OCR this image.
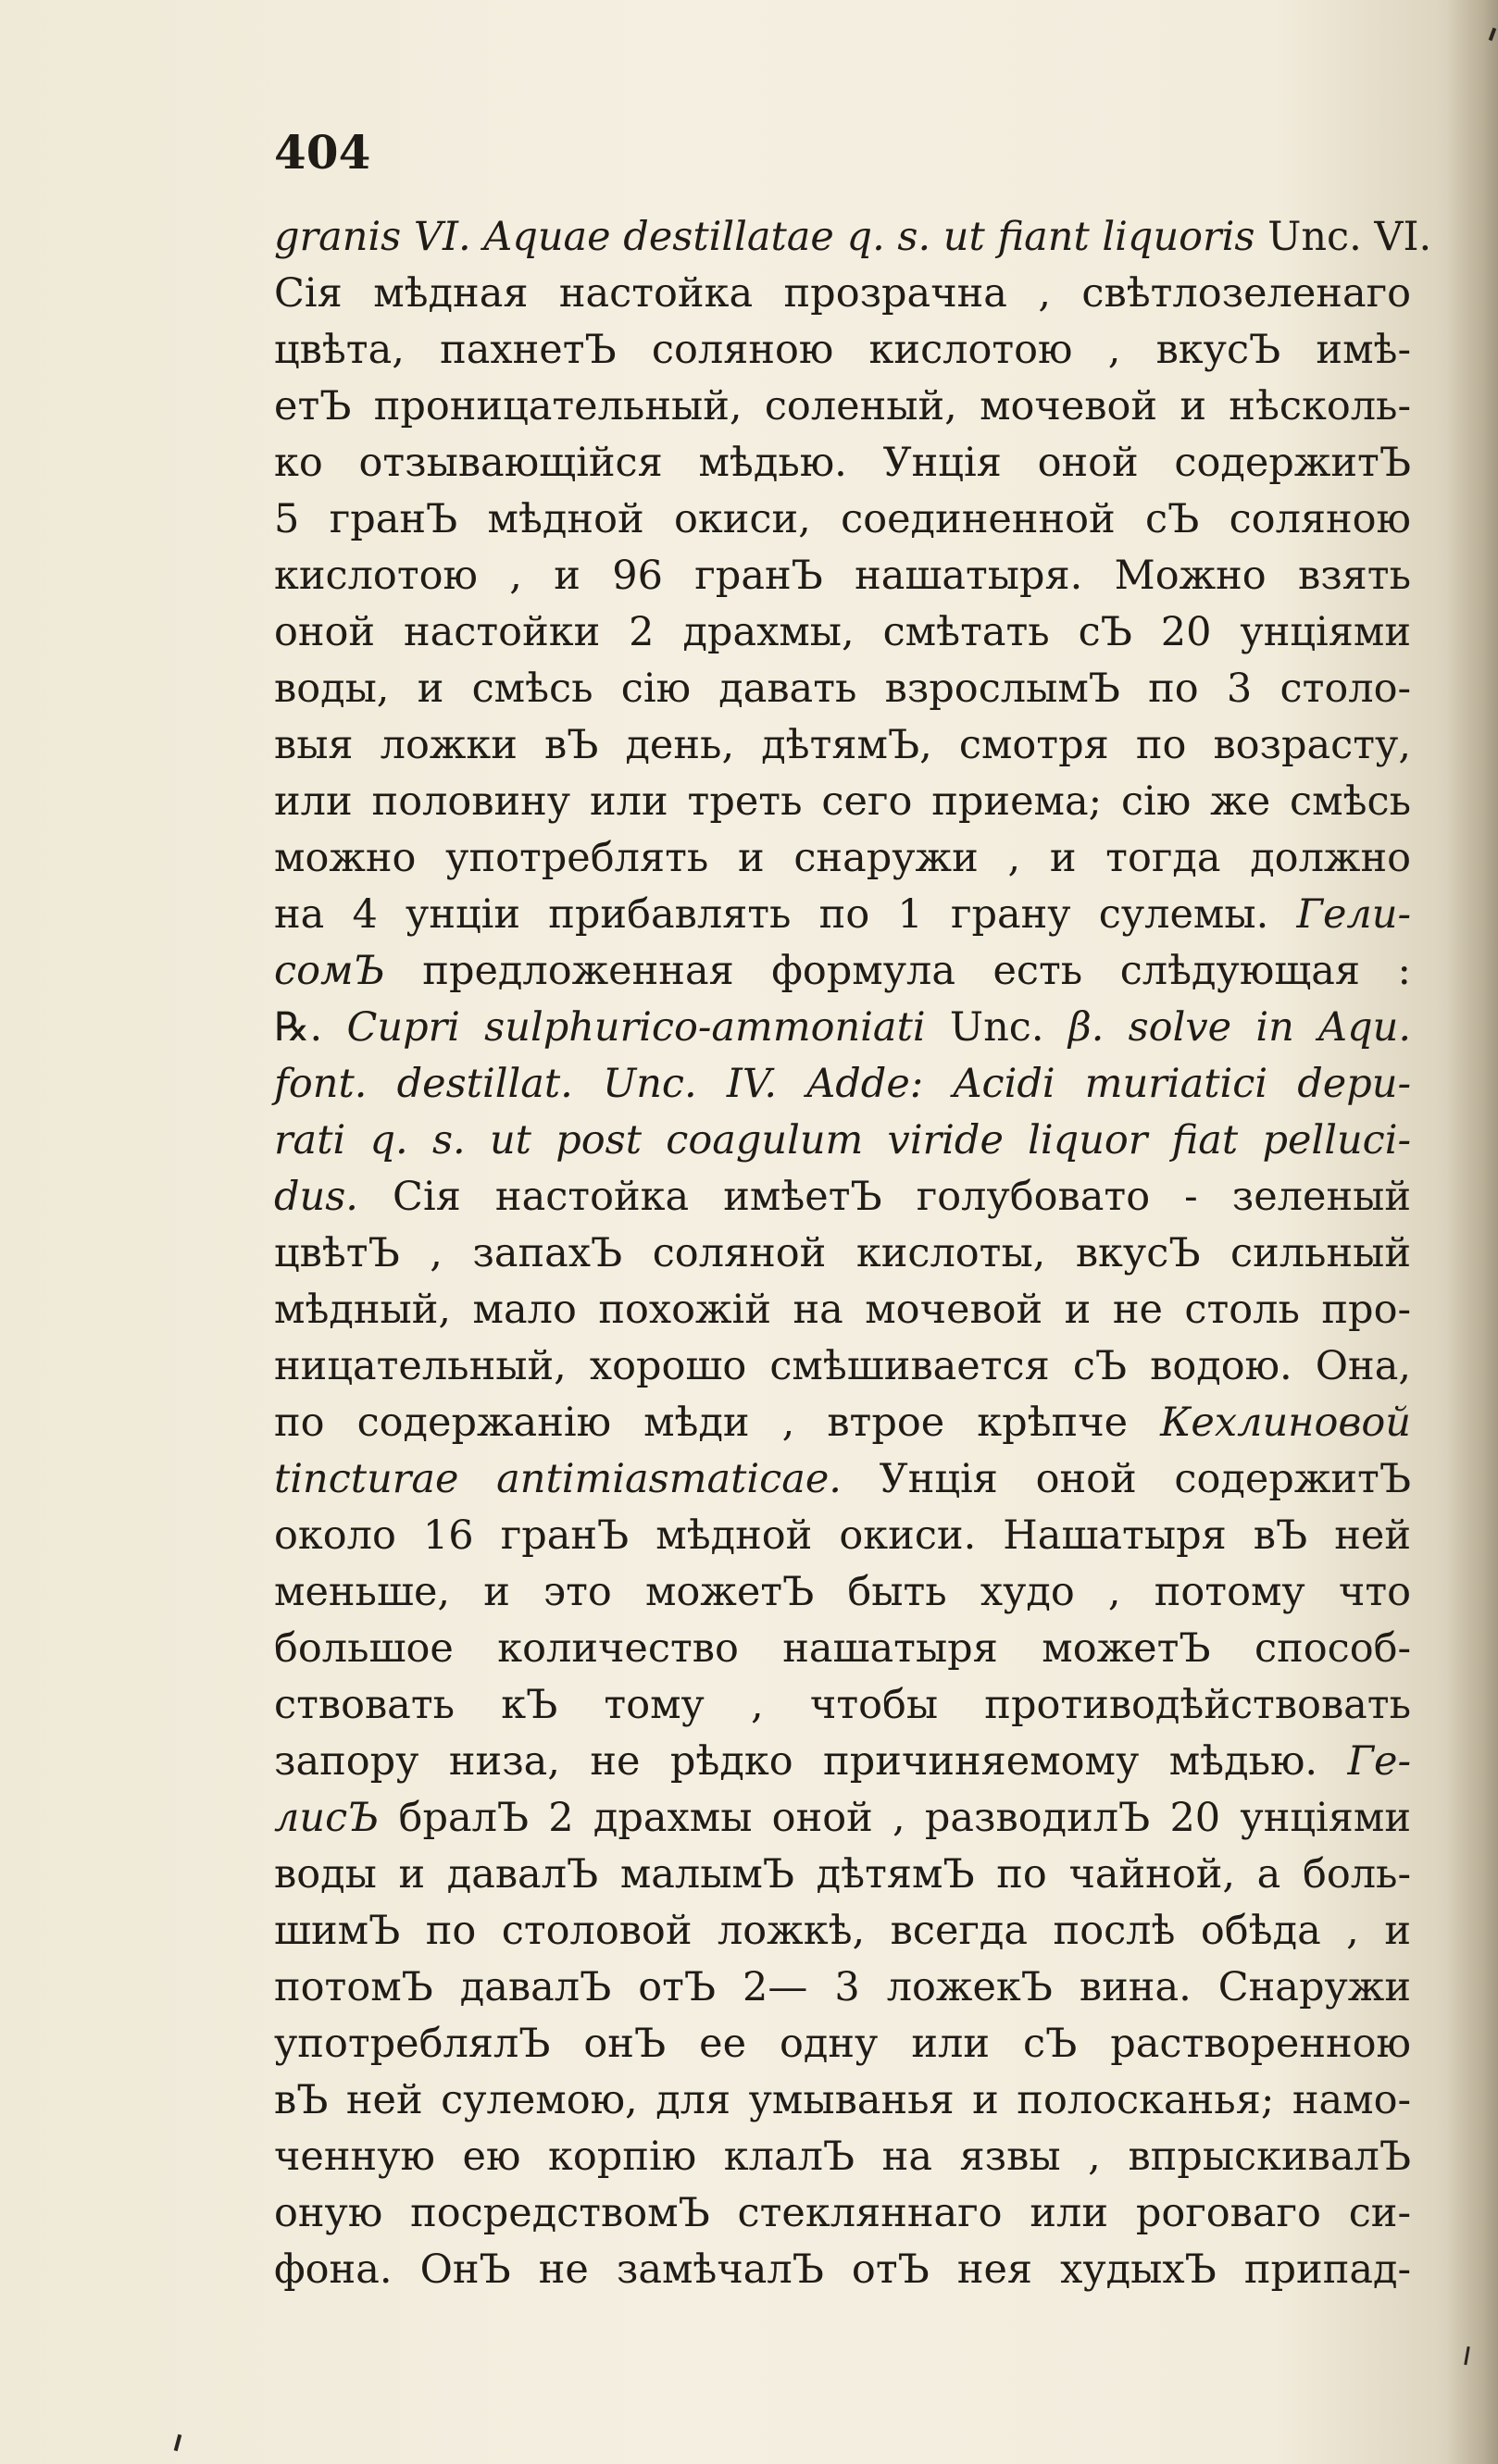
404
granis VI. Aquae destillatae q. s. ut fiant liquoris Unc. VI.
Сія мѣдная настойка прозрачна , свѣтлозеленаго
цвѣта, пахнетЪ соляною кислотою , вкусЪ имѣ-
етЪ проницательный, соленый, мочевой и нѣсколь-
ко отзывающійся мѣдью. Унція оной содержитЪ
5 гранЪ мѣдной окиси, соединенной сЪ соляною
кислотою , и 96 гранЪ нашатыря. Можно взять
оной настойки 2 драхмы, смѣтать сЪ 20 унціями
воды, и смѣсь сію давать взрослымЪ по 3 столо-
выя ложки вЪ день, дѣтямЪ, смотря по возрасту,
или половину или треть сего приема; сію же смѣсь
можно употреблять и снаружи , и тогда должно
на 4 унціи прибавлять по 1 грану сулемы. Гели-
сомЪ предложенная формула есть слѣдующая :
℞. Cupri sulphurico-ammoniati Unc. β. solve in Aqu.
font. destillat. Unc. IV. Adde: Acidi muriatici depu-
rati q. s. ut post coagulum viride liquor fiat pelluci-
dus. Сія настойка имѣетЪ голубовато - зеленый
цвѣтЪ , запахЪ соляной кислоты, вкусЪ сильный
мѣдный, мало похожій на мочевой и не столь про-
ницательный, хорошо смѣшивается сЪ водою. Она,
по содержанію мѣди , втрое крѣпче Кехлиновой
tincturae antimiasmaticae. Унція оной содержитЪ
около 16 гранЪ мѣдной окиси. Нашатыря вЪ ней
меньше, и это можетЪ быть худо , потому что
большое количество нашатыря можетЪ способ-
ствовать кЪ тому , чтобы противодѣйствовать
запору низа, не рѣдко причиняемому мѣдью. Ге-
лисЪ бралЪ 2 драхмы оной , разводилЪ 20 унціями
воды и давалЪ малымЪ дѣтямЪ по чайной, а боль-
шимЪ по столовой ложкѣ, всегда послѣ обѣда , и
потомЪ давалЪ отЪ 2— 3 ложекЪ вина. Снаружи
употреблялЪ онЪ ее одну или сЪ растворенною
вЪ ней сулемою, для умыванья и полосканья; намо-
ченную ею корпію клалЪ на язвы , впрыскивалЪ
оную посредствомЪ стекляннаго или роговаго си-
фона. ОнЪ не замѣчалЪ отЪ нея худыхЪ припад-
